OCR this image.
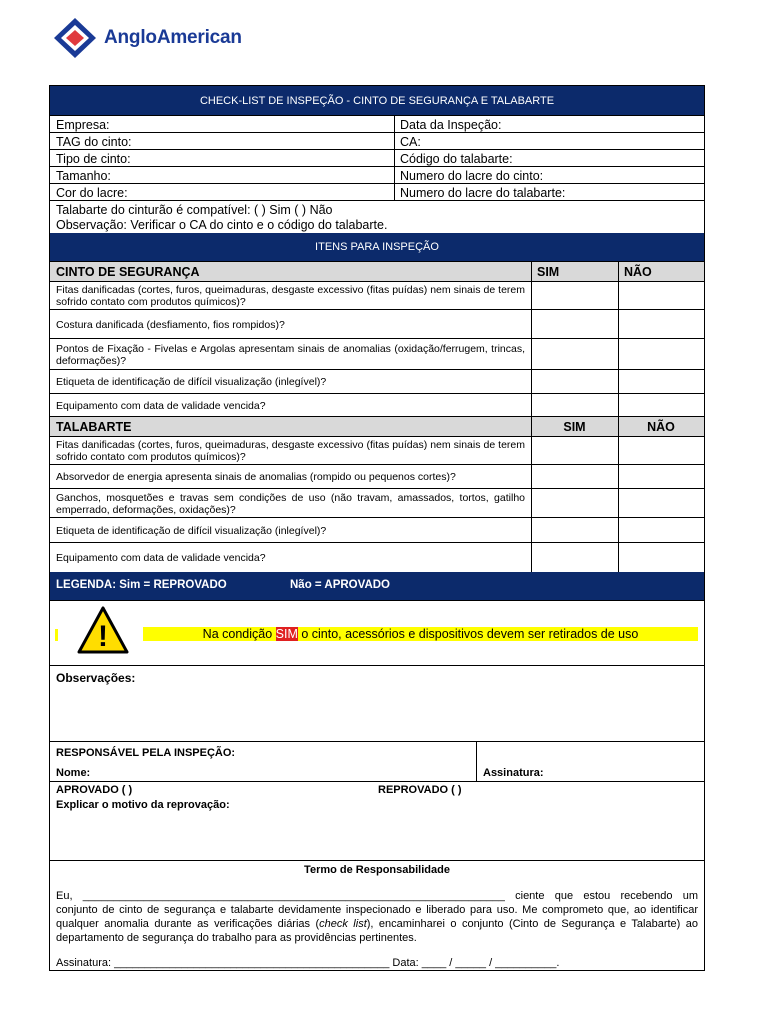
AngloAmerican
CHECK-LIST DE INSPEÇÃO - CINTO DE SEGURANÇA E TALABARTE
Empresa:	Data da Inspeção:
TAG do cinto:	CA:
Tipo de cinto:	Código do talabarte:
Tamanho:	Numero do lacre do cinto:
Cor do lacre:	Numero do lacre do talabarte:
Talabarte do cinturão é compatível: ( ) Sim ( ) Não
Observação: Verificar o CA do cinto e o código do talabarte.
ITENS PARA INSPEÇÃO
CINTO DE SEGURANÇA	SIM	NÃO
Fitas danificadas (cortes, furos, queimaduras, desgaste excessivo (fitas puídas) nem sinais de terem sofrido contato com produtos químicos)?
Costura danificada (desfiamento, fios rompidos)?
Pontos de Fixação - Fivelas e Argolas apresentam sinais de anomalias (oxidação/ferrugem, trincas, deformações)?
Etiqueta de identificação de difícil visualização (inlegível)?
Equipamento com data de validade vencida?
TALABARTE	SIM	NÃO
Fitas danificadas (cortes, furos, queimaduras, desgaste excessivo (fitas puídas) nem sinais de terem sofrido contato com produtos químicos)?
Absorvedor de energia apresenta sinais de anomalias (rompido ou pequenos cortes)?
Ganchos, mosquetões e travas sem condições de uso (não travam, amassados, tortos, gatilho emperrado, deformações, oxidações)?
Etiqueta de identificação de difícil visualização (inlegível)?
Equipamento com data de validade vencida?
LEGENDA: Sim = REPROVADO	Não = APROVADO
!	Na condição SIM o cinto, acessórios e dispositivos devem ser retirados de uso
Observações:
RESPONSÁVEL PELA INSPEÇÃO:
Nome:	Assinatura:
APROVADO ( )	REPROVADO ( )
Explicar o motivo da reprovação:
Termo de Responsabilidade
Eu, _____________________________________________________________________ ciente que estou recebendo um conjunto de cinto de segurança e talabarte devidamente inspecionado e liberado para uso. Me comprometo que, ao identificar qualquer anomalia durante as verificações diárias (check list), encaminharei o conjunto (Cinto de Segurança e Talabarte) ao departamento de segurança do trabalho para as providências pertinentes.
Assinatura: _____________________________________________ Data: ____ / _____ / __________.
